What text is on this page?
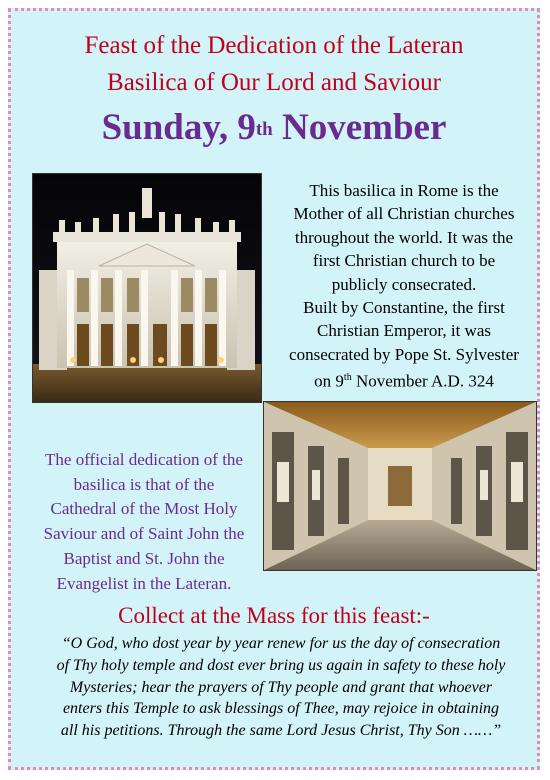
Feast of the Dedication of the Lateran
Basilica of Our Lord and Saviour
Sunday, 9th November

This basilica in Rome is the
Mother of all Christian churches
throughout the world. It was the
first Christian church to be
publicly consecrated.
Built by Constantine, the first
Christian Emperor, it was
consecrated by Pope St. Sylvester
on 9th November A.D. 324

The official dedication of the
basilica is that of the
Cathedral of the Most Holy
Saviour and of Saint John the
Baptist and St. John the
Evangelist in the Lateran.

Collect at the Mass for this feast:-

“O God, who dost year by year renew for us the day of consecration
of Thy holy temple and dost ever bring us again in safety to these holy
Mysteries; hear the prayers of Thy people and grant that whoever
enters this Temple to ask blessings of Thee, may rejoice in obtaining
all his petitions. Through the same Lord Jesus Christ, Thy Son ……”
